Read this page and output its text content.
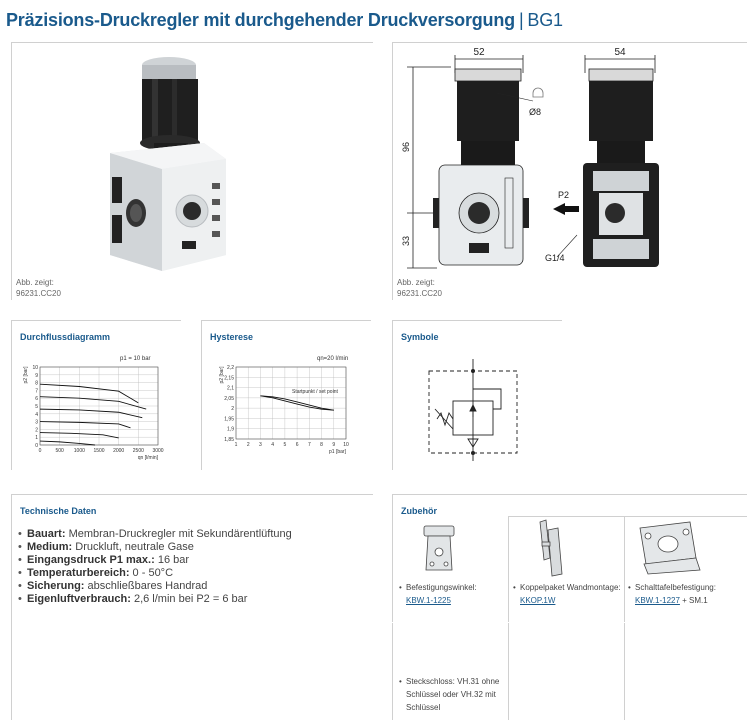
Präzisions-Druckregler mit durchgehender Druckversorgung | BG1
Abb. zeigt:
96231.CC20
52	54
96
33
Ø8
P2
G1/4
Abb. zeigt:
96231.CC20
Durchflussdiagramm
p1 = 10 bar
0	500 1000 1500 2000 2500 3000
0
1
2
3
4
5
6
7
8
9
10
p2 [bar]
qn [l/min]
Hysterese
qn=20 l/min
1 2 3 4 5 6 7 8 9 10
1,85
1,9
1,95
2
2,05
2,1
2,15
2,2
p2 [bar]
p1 [bar]
Startpunkt / set point
Symbole
Technische Daten
• Bauart: Membran-Druckregler mit Sekundärentlüftung
• Medium: Druckluft, neutrale Gase
• Eingangsdruck P1 max.: 16 bar
• Temperaturbereich: 0 - 50°C
• Sicherung: abschließbares Handrad
• Eigenluftverbrauch: 2,6 l/min bei P2 = 6 bar
Zubehör
• Befestigungswinkel:
KBW.1-1225
• Koppelpaket Wandmontage:
KKOP.1W
• Schalttafelbefestigung:
KBW.1-1227 + SM.1
• Steckschloss: VH.31 ohne
Schlüssel oder VH.32 mit
Schlüssel
